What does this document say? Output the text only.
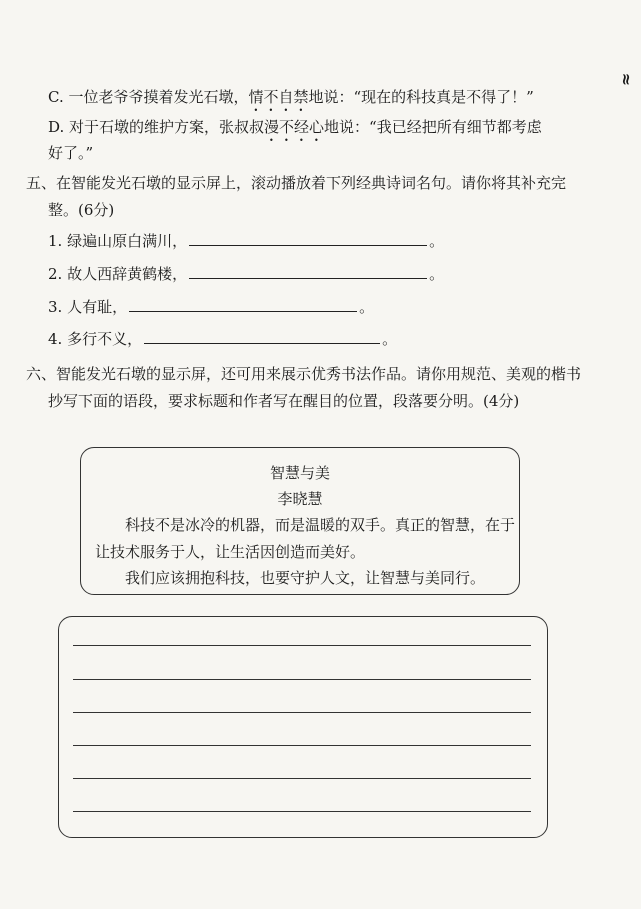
≈
C. 一位老爷爷摸着发光石墩，情不自禁地说：“现在的科技真是不得了！”
D. 对于石墩的维护方案，张叔叔漫不经心地说：“我已经把所有细节都考虑
好了。”
五、在智能发光石墩的显示屏上，滚动播放着下列经典诗词名句。请你将其补充完
整。(6分)
1. 绿遍山原白满川，	。
2. 故人西辞黄鹤楼，	。
3. 人有耻，	。
4. 多行不义，	。
六、智能发光石墩的显示屏，还可用来展示优秀书法作品。请你用规范、美观的楷书
抄写下面的语段，要求标题和作者写在醒目的位置，段落要分明。(4分)
智慧与美
李晓慧
科技不是冰冷的机器，而是温暖的双手。真正的智慧，在于
让技术服务于人，让生活因创造而美好。
我们应该拥抱科技，也要守护人文，让智慧与美同行。
